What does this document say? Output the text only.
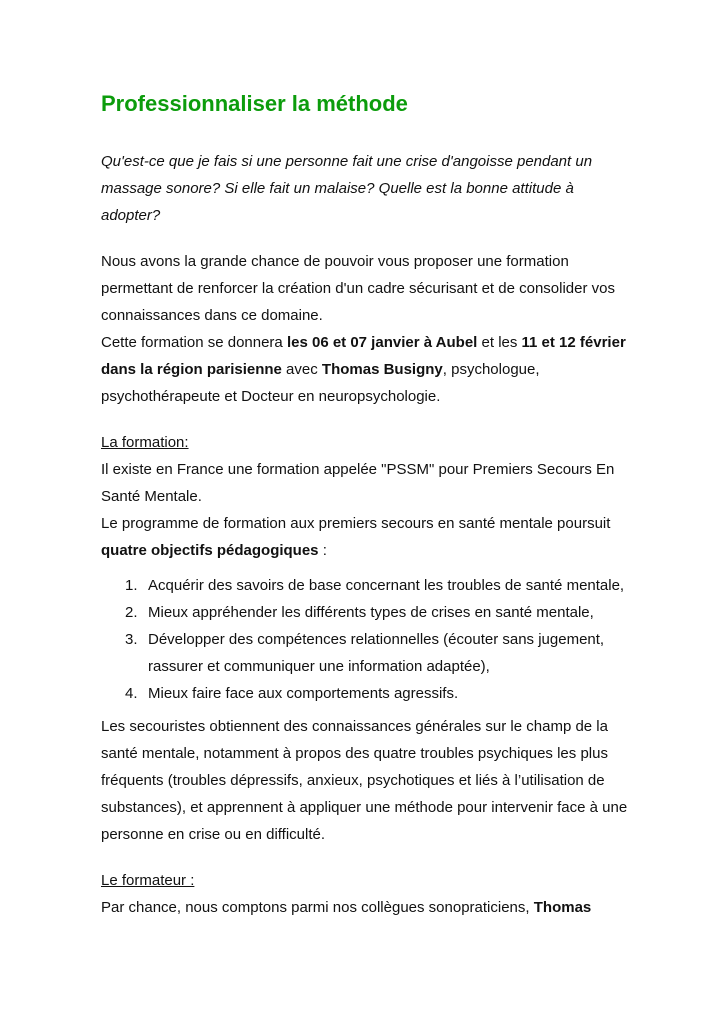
Professionnaliser la méthode
Qu'est-ce que je fais si une personne fait une crise d'angoisse pendant un massage sonore? Si elle fait un malaise? Quelle est la bonne attitude à adopter?
Nous avons la grande chance de pouvoir vous proposer une formation permettant de renforcer la création d'un cadre sécurisant et de consolider vos connaissances dans ce domaine.
Cette formation se donnera les 06 et 07 janvier à Aubel et les 11 et 12 février dans la région parisienne avec Thomas Busigny, psychologue, psychothérapeute et Docteur en neuropsychologie.
La formation:
Il existe en France une formation appelée "PSSM" pour Premiers Secours En Santé Mentale.
Le programme de formation aux premiers secours en santé mentale poursuit quatre objectifs pédagogiques :
1. Acquérir des savoirs de base concernant les troubles de santé mentale,
2. Mieux appréhender les différents types de crises en santé mentale,
3. Développer des compétences relationnelles (écouter sans jugement, rassurer et communiquer une information adaptée),
4. Mieux faire face aux comportements agressifs.
Les secouristes obtiennent des connaissances générales sur le champ de la santé mentale, notamment à propos des quatre troubles psychiques les plus fréquents (troubles dépressifs, anxieux, psychotiques et liés à l’utilisation de substances), et apprennent à appliquer une méthode pour intervenir face à une personne en crise ou en difficulté.
Le formateur :
Par chance, nous comptons parmi nos collègues sonopraticiens, Thomas
